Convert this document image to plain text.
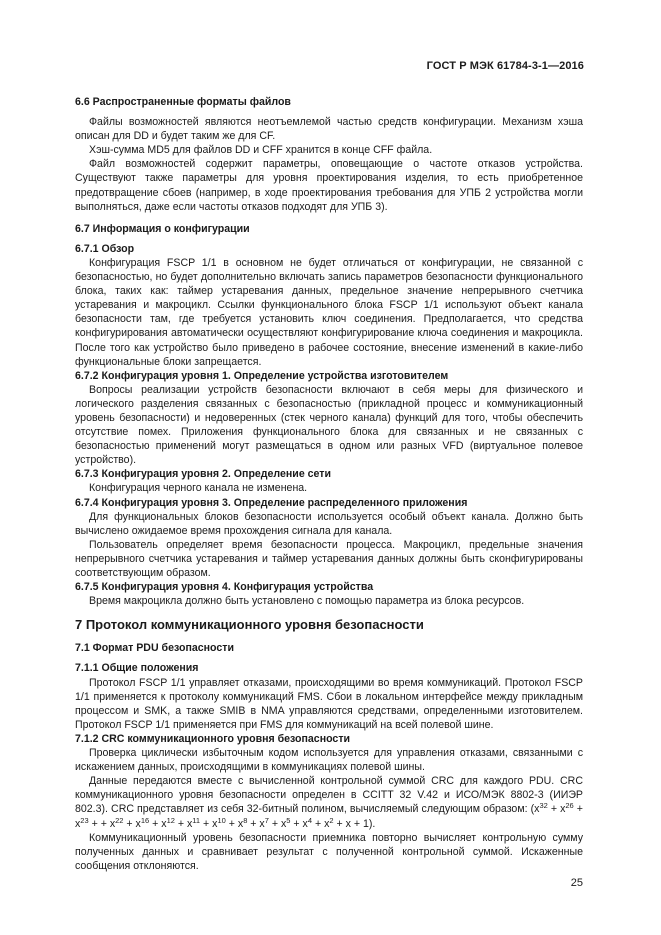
ГОСТ Р МЭК 61784-3-1—2016

6.6 Распространенные форматы файлов

Файлы возможностей являются неотъемлемой частью средств конфигурации. Механизм хэша описан для DD и будет таким же для CF.

Хэш-сумма MD5 для файлов DD и CFF хранится в конце CFF файла.

Файл возможностей содержит параметры, оповещающие о частоте отказов устройства. Существуют также параметры для уровня проектирования изделия, то есть приобретенное предотвращение сбоев (например, в ходе проектирования требования для УПБ 2 устройства могли выполняться, даже если частоты отказов подходят для УПБ 3).

6.7 Информация о конфигурации

6.7.1 Обзор

Конфигурация FSCP 1/1 в основном не будет отличаться от конфигурации, не связанной с безопасностью, но будет дополнительно включать запись параметров безопасности функционального блока, таких как: таймер устаревания данных, предельное значение непрерывного счетчика устаревания и макроцикл. Ссылки функционального блока FSCP 1/1 используют объект канала безопасности там, где требуется установить ключ соединения. Предполагается, что средства конфигурирования автоматически осуществляют конфигурирование ключа соединения и макроцикла. После того как устройство было приведено в рабочее состояние, внесение изменений в какие-либо функциональные блоки запрещается.

6.7.2 Конфигурация уровня 1. Определение устройства изготовителем

Вопросы реализации устройств безопасности включают в себя меры для физического и логического разделения связанных с безопасностью (прикладной процесс и коммуникационный уровень безопасности) и недоверенных (стек черного канала) функций для того, чтобы обеспечить отсутствие помех. Приложения функционального блока для связанных и не связанных с безопасностью применений могут размещаться в одном или разных VFD (виртуальное полевое устройство).

6.7.3 Конфигурация уровня 2. Определение сети

Конфигурация черного канала не изменена.

6.7.4 Конфигурация уровня 3. Определение распределенного приложения

Для функциональных блоков безопасности используется особый объект канала. Должно быть вычислено ожидаемое время прохождения сигнала для канала.

Пользователь определяет время безопасности процесса. Макроцикл, предельные значения непрерывного счетчика устаревания и таймер устаревания данных должны быть сконфигурированы соответствующим образом.

6.7.5 Конфигурация уровня 4. Конфигурация устройства

Время макроцикла должно быть установлено с помощью параметра из блока ресурсов.

7 Протокол коммуникационного уровня безопасности

7.1 Формат PDU безопасности

7.1.1 Общие положения

Протокол FSCP 1/1 управляет отказами, происходящими во время коммуникаций. Протокол FSCP 1/1 применяется к протоколу коммуникаций FMS. Сбои в локальном интерфейсе между прикладным процессом и SMK, а также SMIB в NMA управляются средствами, определенными изготовителем. Протокол FSCP 1/1 применяется при FMS для коммуникаций на всей полевой шине.

7.1.2 CRC коммуникационного уровня безопасности

Проверка циклически избыточным кодом используется для управления отказами, связанными с искажением данных, происходящими в коммуникациях полевой шины.

Данные передаются вместе с вычисленной контрольной суммой CRC для каждого PDU. CRC коммуникационного уровня безопасности определен в CCITT 32 V.42 и ИСО/МЭК 8802-3 (ИИЭР 802.3). CRC представляет из себя 32-битный полином, вычисляемый следующим образом: ($x^{32} + x^{26} + x^{23}$ + + $x^{22} + x^{16} + x^{12} + x^{11} + x^{10} + x^8 + x^7 + x^5 + x^4 + x^2 + x + 1$).

Коммуникационный уровень безопасности приемника повторно вычисляет контрольную сумму полученных данных и сравнивает результат с полученной контрольной суммой. Искаженные сообщения отклоняются.

25
